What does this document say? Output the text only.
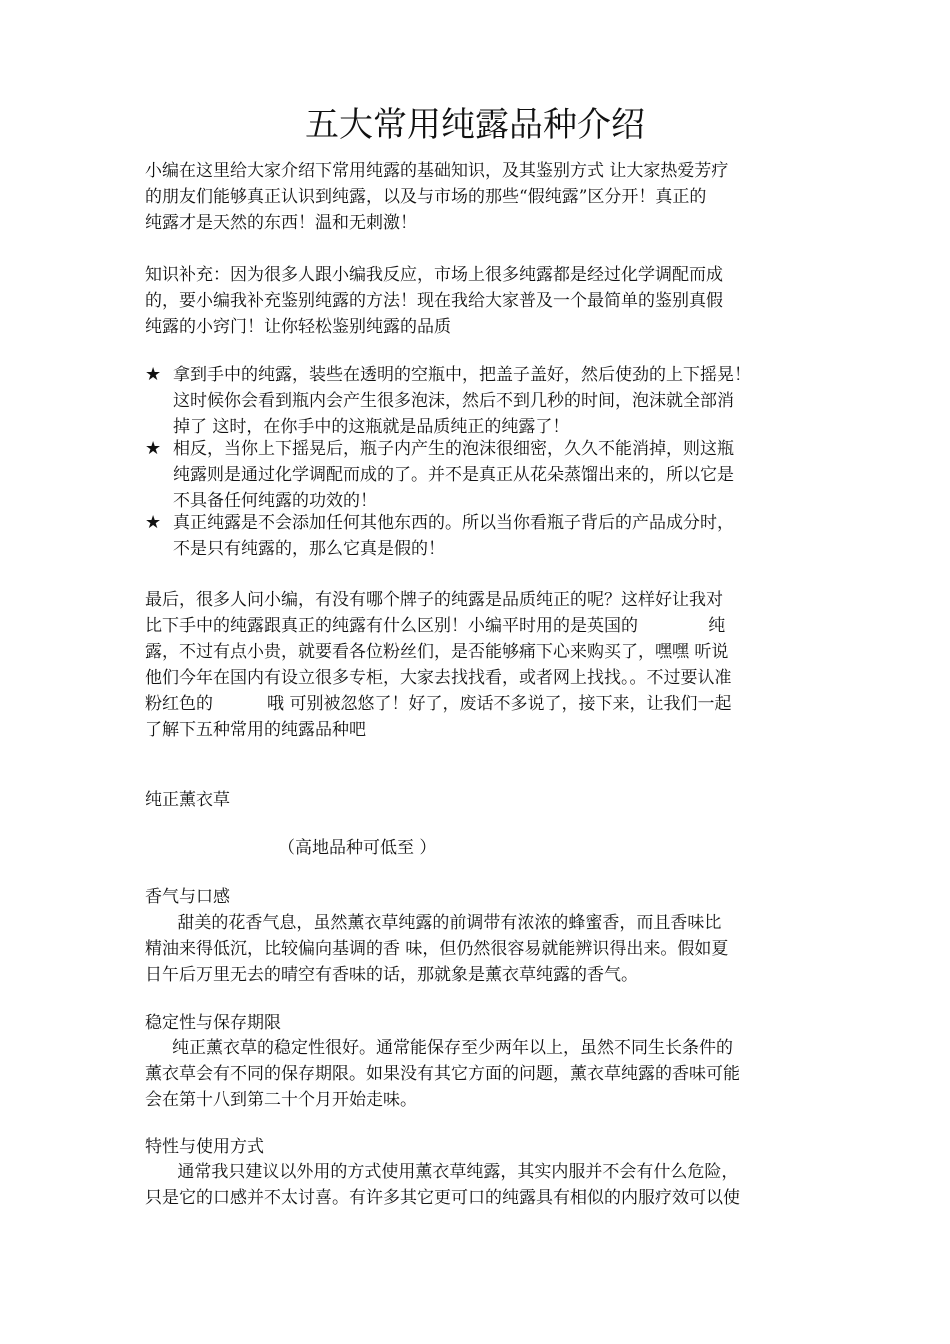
五大常用纯露品种介绍
小编在这里给大家介绍下常用纯露的基础知识，及其鉴别方式 让大家热爱芳疗
的朋友们能够真正认识到纯露，以及与市场的那些“假纯露”区分开！真正的
纯露才是天然的东西！温和无刺激！
知识补充：因为很多人跟小编我反应，市场上很多纯露都是经过化学调配而成
的，要小编我补充鉴别纯露的方法！现在我给大家普及一个最简单的鉴别真假
纯露的小窍门！让你轻松鉴别纯露的品质
★ 拿到手中的纯露，装些在透明的空瓶中，把盖子盖好，然后使劲的上下摇晃！
这时候你会看到瓶内会产生很多泡沫，然后不到几秒的时间，泡沫就全部消
掉了 这时，在你手中的这瓶就是品质纯正的纯露了！
★ 相反，当你上下摇晃后，瓶子内产生的泡沫很细密，久久不能消掉，则这瓶
纯露则是通过化学调配而成的了。并不是真正从花朵蒸馏出来的，所以它是
不具备任何纯露的功效的！
★ 真正纯露是不会添加任何其他东西的。所以当你看瓶子背后的产品成分时，
不是只有纯露的，那么它真是假的！
最后，很多人问小编，有没有哪个牌子的纯露是品质纯正的呢？这样好让我对
比下手中的纯露跟真正的纯露有什么区别！小编平时用的是英国的             纯
露，不过有点小贵，就要看各位粉丝们，是否能够痛下心来购买了，嘿嘿 听说
他们今年在国内有设立很多专柜，大家去找找看，或者网上找找。。不过要认准
粉红色的          哦 可别被忽悠了！好了，废话不多说了，接下来，让我们一起
了解下五种常用的纯露品种吧
纯正薰衣草
（高地品种可低至 ）
香气与口感
甜美的花香气息，虽然薰衣草纯露的前调带有浓浓的蜂蜜香，而且香味比
精油来得低沉，比较偏向基调的香 味，但仍然很容易就能辨识得出来。假如夏
日午后万里无去的晴空有香味的话，那就象是薰衣草纯露的香气。
稳定性与保存期限
纯正薰衣草的稳定性很好。通常能保存至少两年以上，虽然不同生长条件的
薰衣草会有不同的保存期限。如果没有其它方面的问题，薰衣草纯露的香味可能
会在第十八到第二十个月开始走味。
特性与使用方式
通常我只建议以外用的方式使用薰衣草纯露，其实内服并不会有什么危险，
只是它的口感并不太讨喜。有许多其它更可口的纯露具有相似的内服疗效可以使
